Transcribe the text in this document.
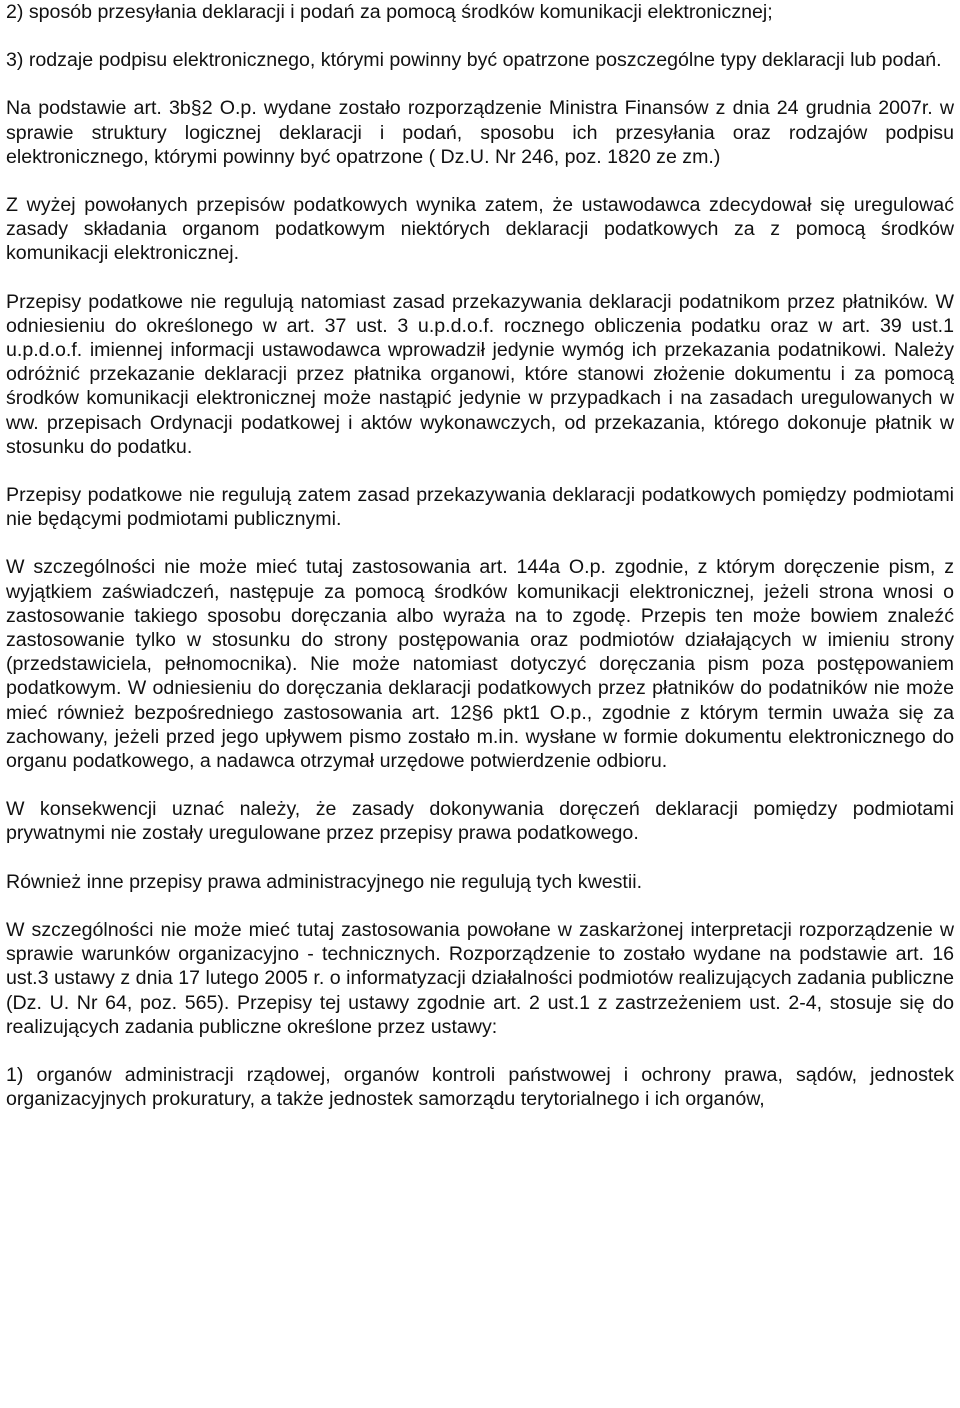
2) sposób przesyłania deklaracji i podań za pomocą środków komunikacji elektronicznej;

3) rodzaje podpisu elektronicznego, którymi powinny być opatrzone poszczególne typy deklaracji lub podań.

Na podstawie art. 3b§2 O.p. wydane zostało rozporządzenie Ministra Finansów z dnia 24 grudnia 2007r. w sprawie struktury logicznej deklaracji i podań, sposobu ich przesyłania oraz rodzajów podpisu elektronicznego, którymi powinny być opatrzone ( Dz.U. Nr 246, poz. 1820 ze zm.)

Z wyżej powołanych przepisów podatkowych wynika zatem, że ustawodawca zdecydował się uregulować zasady składania organom podatkowym niektórych deklaracji podatkowych za z pomocą środków komunikacji elektronicznej.

Przepisy podatkowe nie regulują natomiast zasad przekazywania deklaracji podatnikom przez płatników. W odniesieniu do określonego w art. 37 ust. 3 u.p.d.o.f. rocznego obliczenia podatku oraz w art. 39 ust.1 u.p.d.o.f. imiennej informacji ustawodawca wprowadził jedynie wymóg ich przekazania podatnikowi. Należy odróżnić przekazanie deklaracji przez płatnika organowi, które stanowi złożenie dokumentu i za pomocą środków komunikacji elektronicznej może nastąpić jedynie w przypadkach i na zasadach uregulowanych w ww. przepisach Ordynacji podatkowej i aktów wykonawczych, od przekazania, którego dokonuje płatnik w stosunku do podatku.

Przepisy podatkowe nie regulują zatem zasad przekazywania deklaracji podatkowych pomiędzy podmiotami nie będącymi podmiotami publicznymi.

W szczególności nie może mieć tutaj zastosowania art. 144a O.p. zgodnie, z którym doręczenie pism, z wyjątkiem zaświadczeń, następuje za pomocą środków komunikacji elektronicznej, jeżeli strona wnosi o zastosowanie takiego sposobu doręczania albo wyraża na to zgodę. Przepis ten może bowiem znaleźć zastosowanie tylko w stosunku do strony postępowania oraz podmiotów działających w imieniu strony (przedstawiciela, pełnomocnika). Nie może natomiast dotyczyć doręczania pism poza postępowaniem podatkowym. W odniesieniu do doręczania deklaracji podatkowych przez płatników do podatników nie może mieć również bezpośredniego zastosowania art. 12§6 pkt1 O.p., zgodnie z którym termin uważa się za zachowany, jeżeli przed jego upływem pismo zostało m.in. wysłane w formie dokumentu elektronicznego do organu podatkowego, a nadawca otrzymał urzędowe potwierdzenie odbioru.

W konsekwencji uznać należy, że zasady dokonywania doręczeń deklaracji pomiędzy podmiotami prywatnymi nie zostały uregulowane przez przepisy prawa podatkowego.

Również inne przepisy prawa administracyjnego nie regulują tych kwestii.

W szczególności nie może mieć tutaj zastosowania powołane w zaskarżonej interpretacji rozporządzenie w sprawie warunków organizacyjno - technicznych. Rozporządzenie to zostało wydane na podstawie art. 16 ust.3 ustawy z dnia 17 lutego 2005 r. o informatyzacji działalności podmiotów realizujących zadania publiczne (Dz. U. Nr 64, poz. 565). Przepisy tej ustawy zgodnie art. 2 ust.1 z zastrzeżeniem ust. 2-4, stosuje się do realizujących zadania publiczne określone przez ustawy:

1) organów administracji rządowej, organów kontroli państwowej i ochrony prawa, sądów, jednostek organizacyjnych prokuratury, a także jednostek samorządu terytorialnego i ich organów,
